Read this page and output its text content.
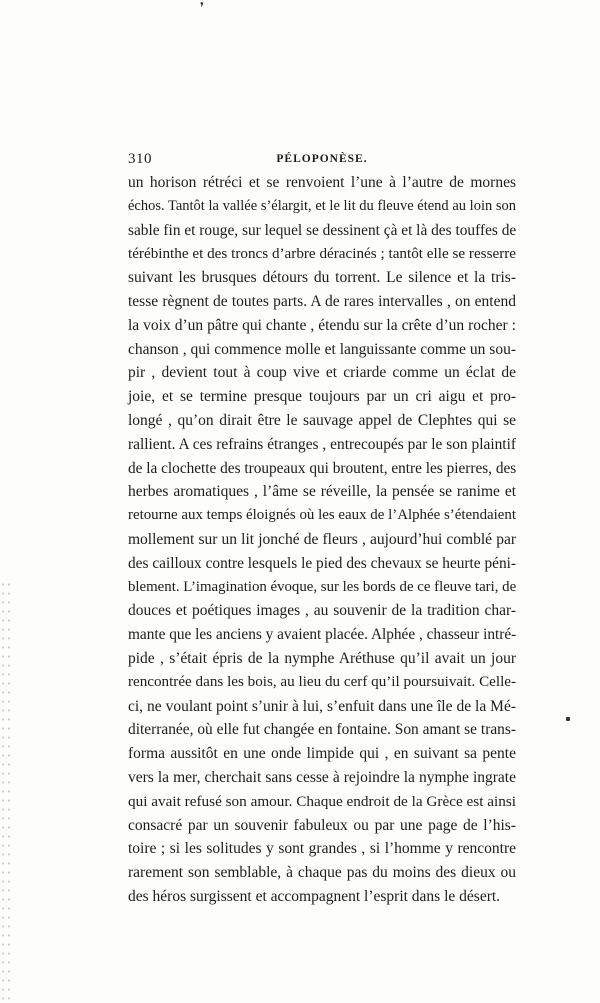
❜
310	PÉLOPONÈSE.
un horison rétréci et se renvoient l’une à l’autre de mornes
échos. Tantôt la vallée s’élargit, et le lit du fleuve étend au loin son
sable fin et rouge, sur lequel se dessinent çà et là des touffes de
térébinthe et des troncs d’arbre déracinés ; tantôt elle se resserre
suivant les brusques détours du torrent. Le silence et la tris-
tesse règnent de toutes parts. A de rares intervalles , on entend
la voix d’un pâtre qui chante , étendu sur la crête d’un rocher :
chanson , qui commence molle et languissante comme un sou-
pir , devient tout à coup vive et criarde comme un éclat de
joie, et se termine presque toujours par un cri aigu et pro-
longé , qu’on dirait être le sauvage appel de Clephtes qui se
rallient. A ces refrains étranges , entrecoupés par le son plaintif
de la clochette des troupeaux qui broutent, entre les pierres, des
herbes aromatiques , l’âme se réveille, la pensée se ranime et
retourne aux temps éloignés où les eaux de l’Alphée s’étendaient
mollement sur un lit jonché de fleurs , aujourd’hui comblé par
des cailloux contre lesquels le pied des chevaux se heurte péni-
blement. L’imagination évoque, sur les bords de ce fleuve tari, de
douces et poétiques images , au souvenir de la tradition char-
mante que les anciens y avaient placée. Alphée , chasseur intré-
pide , s’était épris de la nymphe Aréthuse qu’il avait un jour
rencontrée dans les bois, au lieu du cerf qu’il poursuivait. Celle-
ci, ne voulant point s’unir à lui, s’enfuit dans une île de la Mé-
diterranée, où elle fut changée en fontaine. Son amant se trans-
forma aussitôt en une onde limpide qui , en suivant sa pente
vers la mer, cherchait sans cesse à rejoindre la nymphe ingrate
qui avait refusé son amour. Chaque endroit de la Grèce est ainsi
consacré par un souvenir fabuleux ou par une page de l’his-
toire ; si les solitudes y sont grandes , si l’homme y rencontre
rarement son semblable, à chaque pas du moins des dieux ou
des héros surgissent et accompagnent l’esprit dans le désert.
